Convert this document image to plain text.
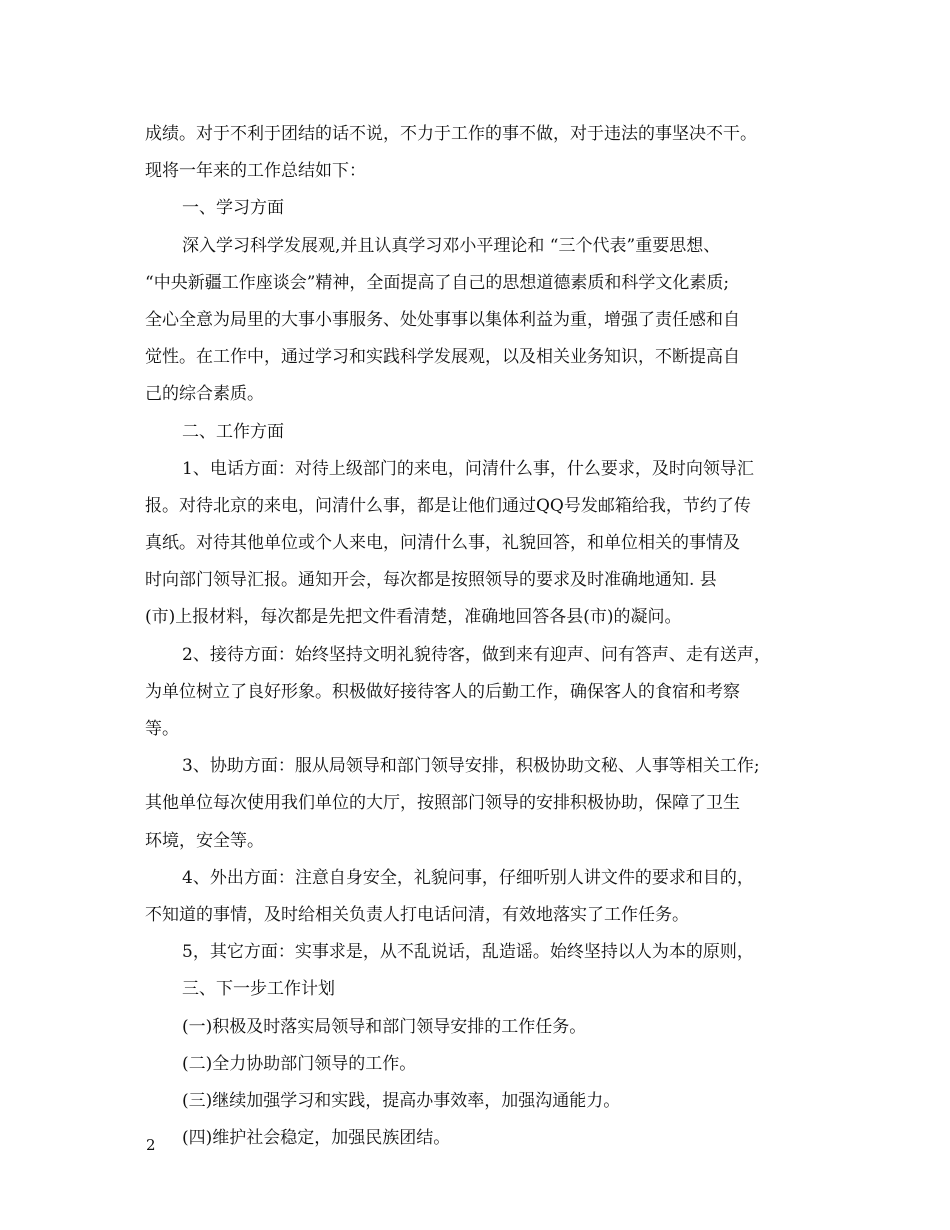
成绩。对于不利于团结的话不说，不力于工作的事不做，对于违法的事坚决不干。
现将一年来的工作总结如下：
一、学习方面
深入学习科学发展观,并且认真学习邓小平理论和 “三个代表”重要思想、
“中央新疆工作座谈会”精神，全面提高了自己的思想道德素质和科学文化素质;
全心全意为局里的大事小事服务、处处事事以集体利益为重，增强了责任感和自
觉性。在工作中，通过学习和实践科学发展观，以及相关业务知识，不断提高自
己的综合素质。
二、工作方面
1、电话方面：对待上级部门的来电，问清什么事，什么要求，及时向领导汇
报。对待北京的来电，问清什么事，都是让他们通过QQ号发邮箱给我，节约了传
真纸。对待其他单位或个人来电，问清什么事，礼貌回答，和单位相关的事情及
时向部门领导汇报。通知开会，每次都是按照领导的要求及时准确地通知. 县
(市)上报材料，每次都是先把文件看清楚，准确地回答各县(市)的凝问。
2、接待方面：始终坚持文明礼貌待客，做到来有迎声、问有答声、走有送声，
为单位树立了良好形象。积极做好接待客人的后勤工作，确保客人的食宿和考察
等。
3、协助方面：服从局领导和部门领导安排，积极协助文秘、人事等相关工作;
其他单位每次使用我们单位的大厅，按照部门领导的安排积极协助，保障了卫生
环境，安全等。
4、外出方面：注意自身安全，礼貌问事，仔细听别人讲文件的要求和目的，
不知道的事情，及时给相关负责人打电话问清，有效地落实了工作任务。
5，其它方面：实事求是，从不乱说话，乱造谣。始终坚持以人为本的原则，
三、下一步工作计划
(一)积极及时落实局领导和部门领导安排的工作任务。
(二)全力协助部门领导的工作。
(三)继续加强学习和实践，提高办事效率，加强沟通能力。
(四)维护社会稳定，加强民族团结。
2
